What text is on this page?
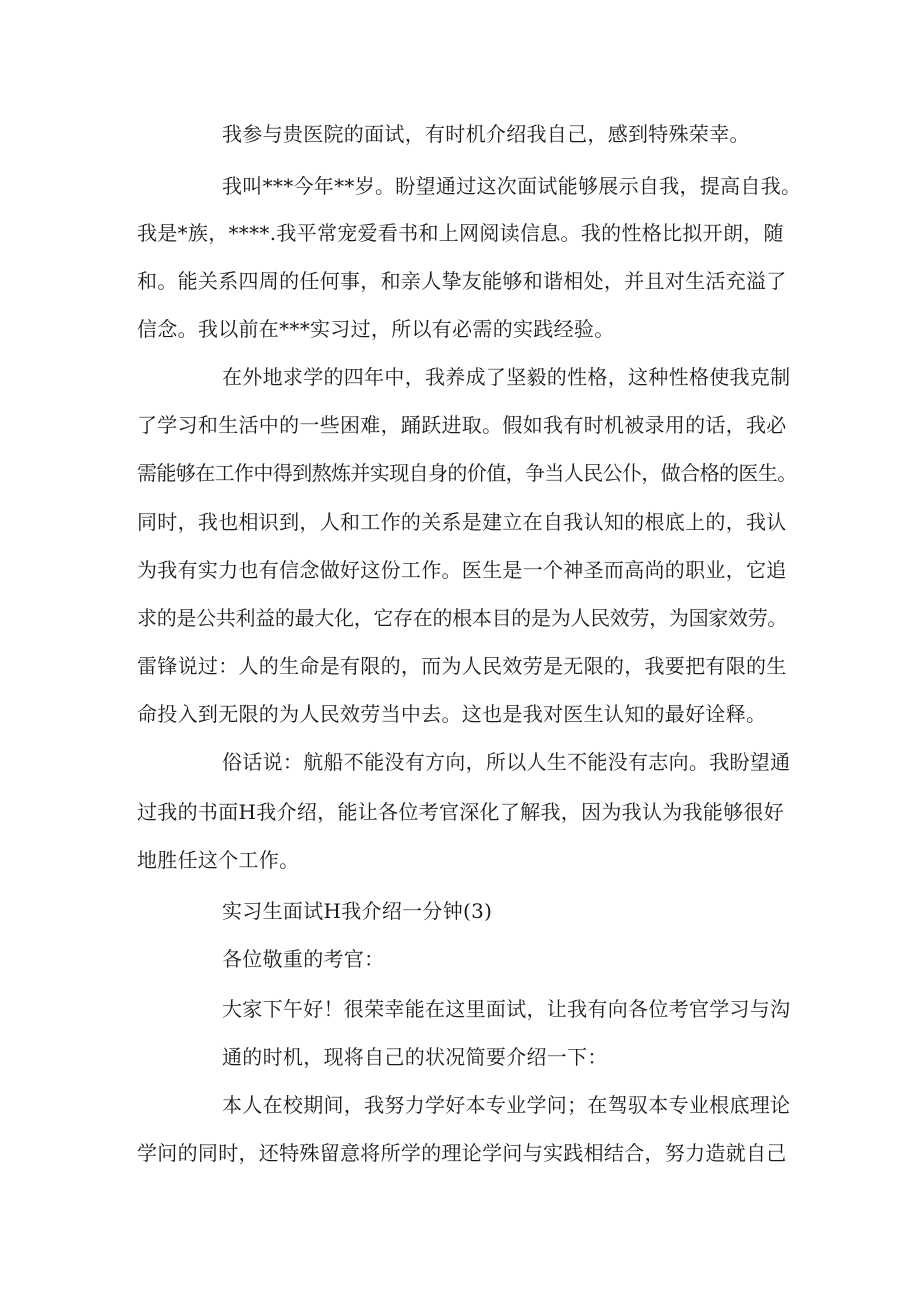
我参与贵医院的面试，有时机介绍我自己，感到特殊荣幸。
我叫***今年**岁。盼望通过这次面试能够展示自我，提高自我。
我是*族，****.我平常宠爱看书和上网阅读信息。我的性格比拟开朗，随
和。能关系四周的任何事，和亲人挚友能够和谐相处，并且对生活充溢了
信念。我以前在***实习过，所以有必需的实践经验。
在外地求学的四年中，我养成了坚毅的性格，这种性格使我克制
了学习和生活中的一些困难，踊跃进取。假如我有时机被录用的话，我必
需能够在工作中得到熬炼并实现自身的价值，争当人民公仆，做合格的医生。
同时，我也相识到，人和工作的关系是建立在自我认知的根底上的，我认
为我有实力也有信念做好这份工作。医生是一个神圣而高尚的职业，它追
求的是公共利益的最大化，它存在的根本目的是为人民效劳，为国家效劳。
雷锋说过：人的生命是有限的，而为人民效劳是无限的，我要把有限的生
命投入到无限的为人民效劳当中去。这也是我对医生认知的最好诠释。
俗话说：航船不能没有方向，所以人生不能没有志向。我盼望通
过我的书面H我介绍，能让各位考官深化了解我，因为我认为我能够很好
地胜任这个工作。
实习生面试H我介绍一分钟(3)
各位敬重的考官：
大家下午好！很荣幸能在这里面试，让我有向各位考官学习与沟
通的时机，现将自己的状况简要介绍一下：
本人在校期间，我努力学好本专业学问；在驾驭本专业根底理论
学问的同时，还特殊留意将所学的理论学问与实践相结合，努力造就自己
